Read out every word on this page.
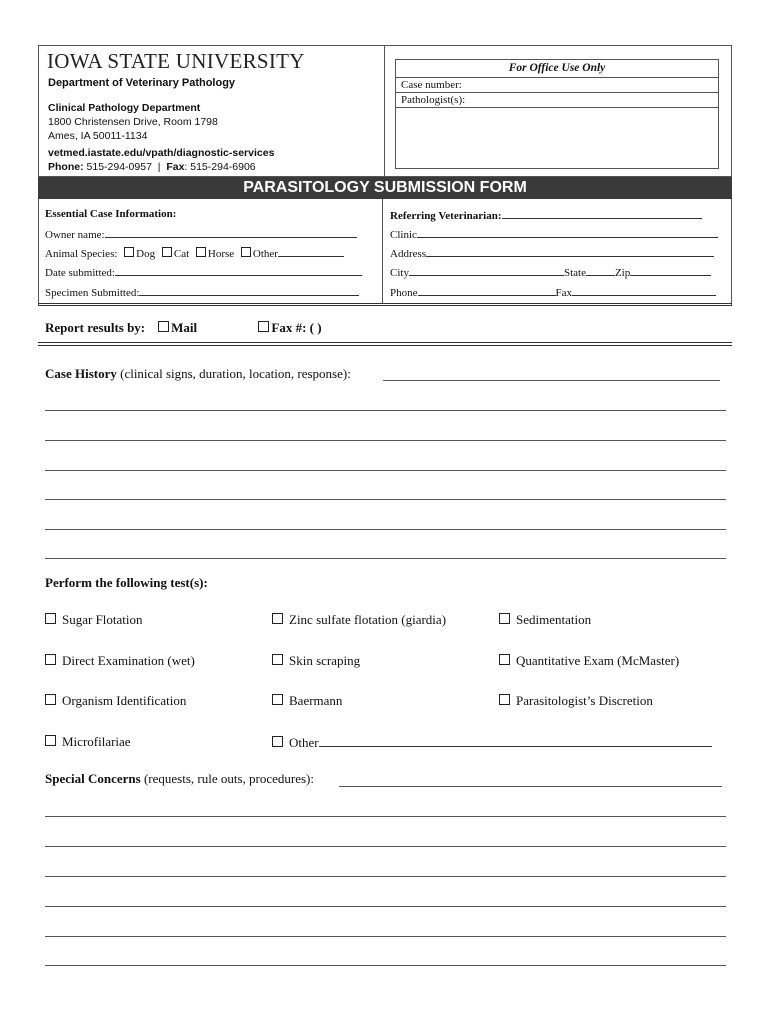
IOWA STATE UNIVERSITY
Department of Veterinary Pathology
Clinical Pathology Department
1800 Christensen Drive, Room 1798
Ames, IA 50011-1134
vetmed.iastate.edu/vpath/diagnostic-services
Phone: 515-294-0957 | Fax: 515-294-6906
For Office Use Only
Case number:
Pathologist(s):
PARASITOLOGY SUBMISSION FORM
Essential Case Information:
Owner name:
Animal Species: Dog Cat Horse Other
Date submitted:
Specimen Submitted:
Referring Veterinarian:
Clinic
Address
City	State	Zip
Phone	Fax
Report results by: Mail	Fax #: ( )
Case History (clinical signs, duration, location, response):
Perform the following test(s):
Sugar Flotation	Zinc sulfate flotation (giardia)	Sedimentation
Direct Examination (wet)	Skin scraping	Quantitative Exam (McMaster)
Organism Identification	Baermann	Parasitologist’s Discretion
Microfilariae	Other
Special Concerns (requests, rule outs, procedures):
